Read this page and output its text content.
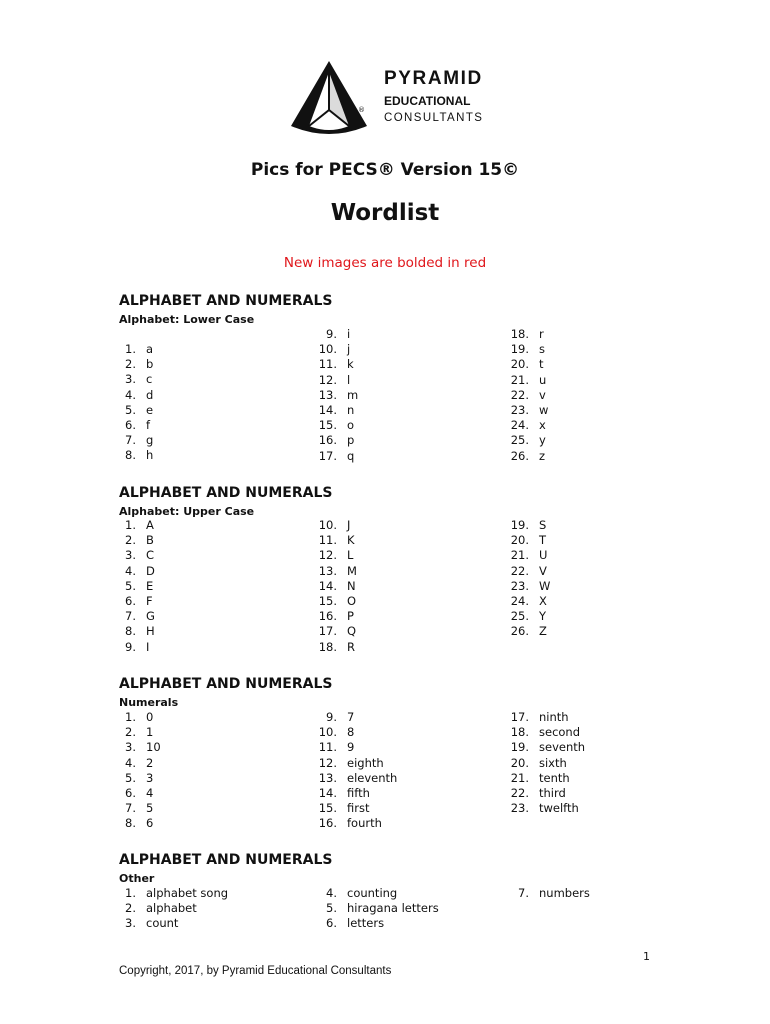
®
PYRAMID
EDUCATIONAL
CONSULTANTS
Pics for PECS® Version 15©
Wordlist
New images are bolded in red
ALPHABET AND NUMERALS
Alphabet: Lower Case
1. a
2. b
3. c
4. d
5. e
6. f
7. g
8. h
9. i
10. j
11. k
12. l
13. m
14. n
15. o
16. p
17. q
18. r
19. s
20. t
21. u
22. v
23. w
24. x
25. y
26. z
ALPHABET AND NUMERALS
Alphabet: Upper Case
1. A
2. B
3. C
4. D
5. E
6. F
7. G
8. H
9. I
10. J
11. K
12. L
13. M
14. N
15. O
16. P
17. Q
18. R
19. S
20. T
21. U
22. V
23. W
24. X
25. Y
26. Z
ALPHABET AND NUMERALS
Numerals
1. 0
2. 1
3. 10
4. 2
5. 3
6. 4
7. 5
8. 6
9. 7
10. 8
11. 9
12. eighth
13. eleventh
14. fifth
15. first
16. fourth
17. ninth
18. second
19. seventh
20. sixth
21. tenth
22. third
23. twelfth
ALPHABET AND NUMERALS
Other
1. alphabet song
2. alphabet
3. count
4. counting
5. hiragana letters
6. letters
7. numbers
1
Copyright, 2017, by Pyramid Educational Consultants
